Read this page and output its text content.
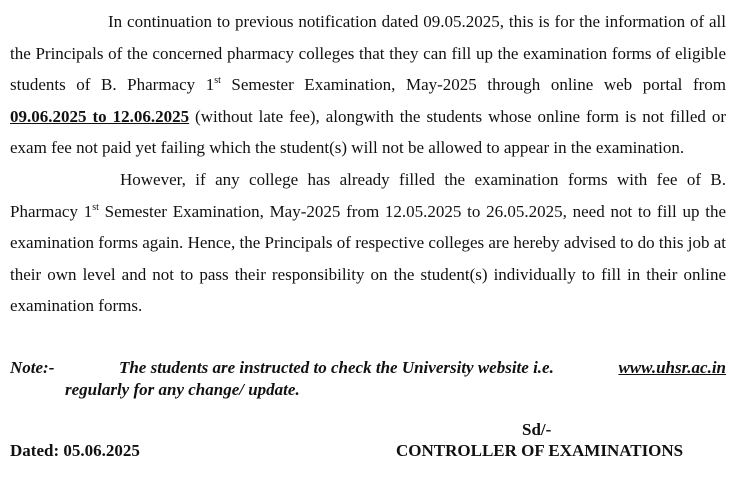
In continuation to previous notification dated 09.05.2025, this is for the information of all the Principals of the concerned pharmacy colleges that they can fill up the examination forms of eligible students of B. Pharmacy 1st Semester Examination, May-2025 through online web portal from 09.06.2025 to 12.06.2025 (without late fee), alongwith the students whose online form is not filled or exam fee not paid yet failing which the student(s) will not be allowed to appear in the examination.

However, if any college has already filled the examination forms with fee of B. Pharmacy 1st Semester Examination, May-2025 from 12.05.2025 to 26.05.2025, need not to fill up the examination forms again. Hence, the Principals of respective colleges are hereby advised to do this job at their own level and not to pass their responsibility on the student(s) individually to fill in their online examination forms.

Note:-	The students are instructed to check the University website i.e.	www.uhsr.ac.in
regularly for any change/ update.
Sd/-
Dated: 05.06.2025	CONTROLLER OF EXAMINATIONS
